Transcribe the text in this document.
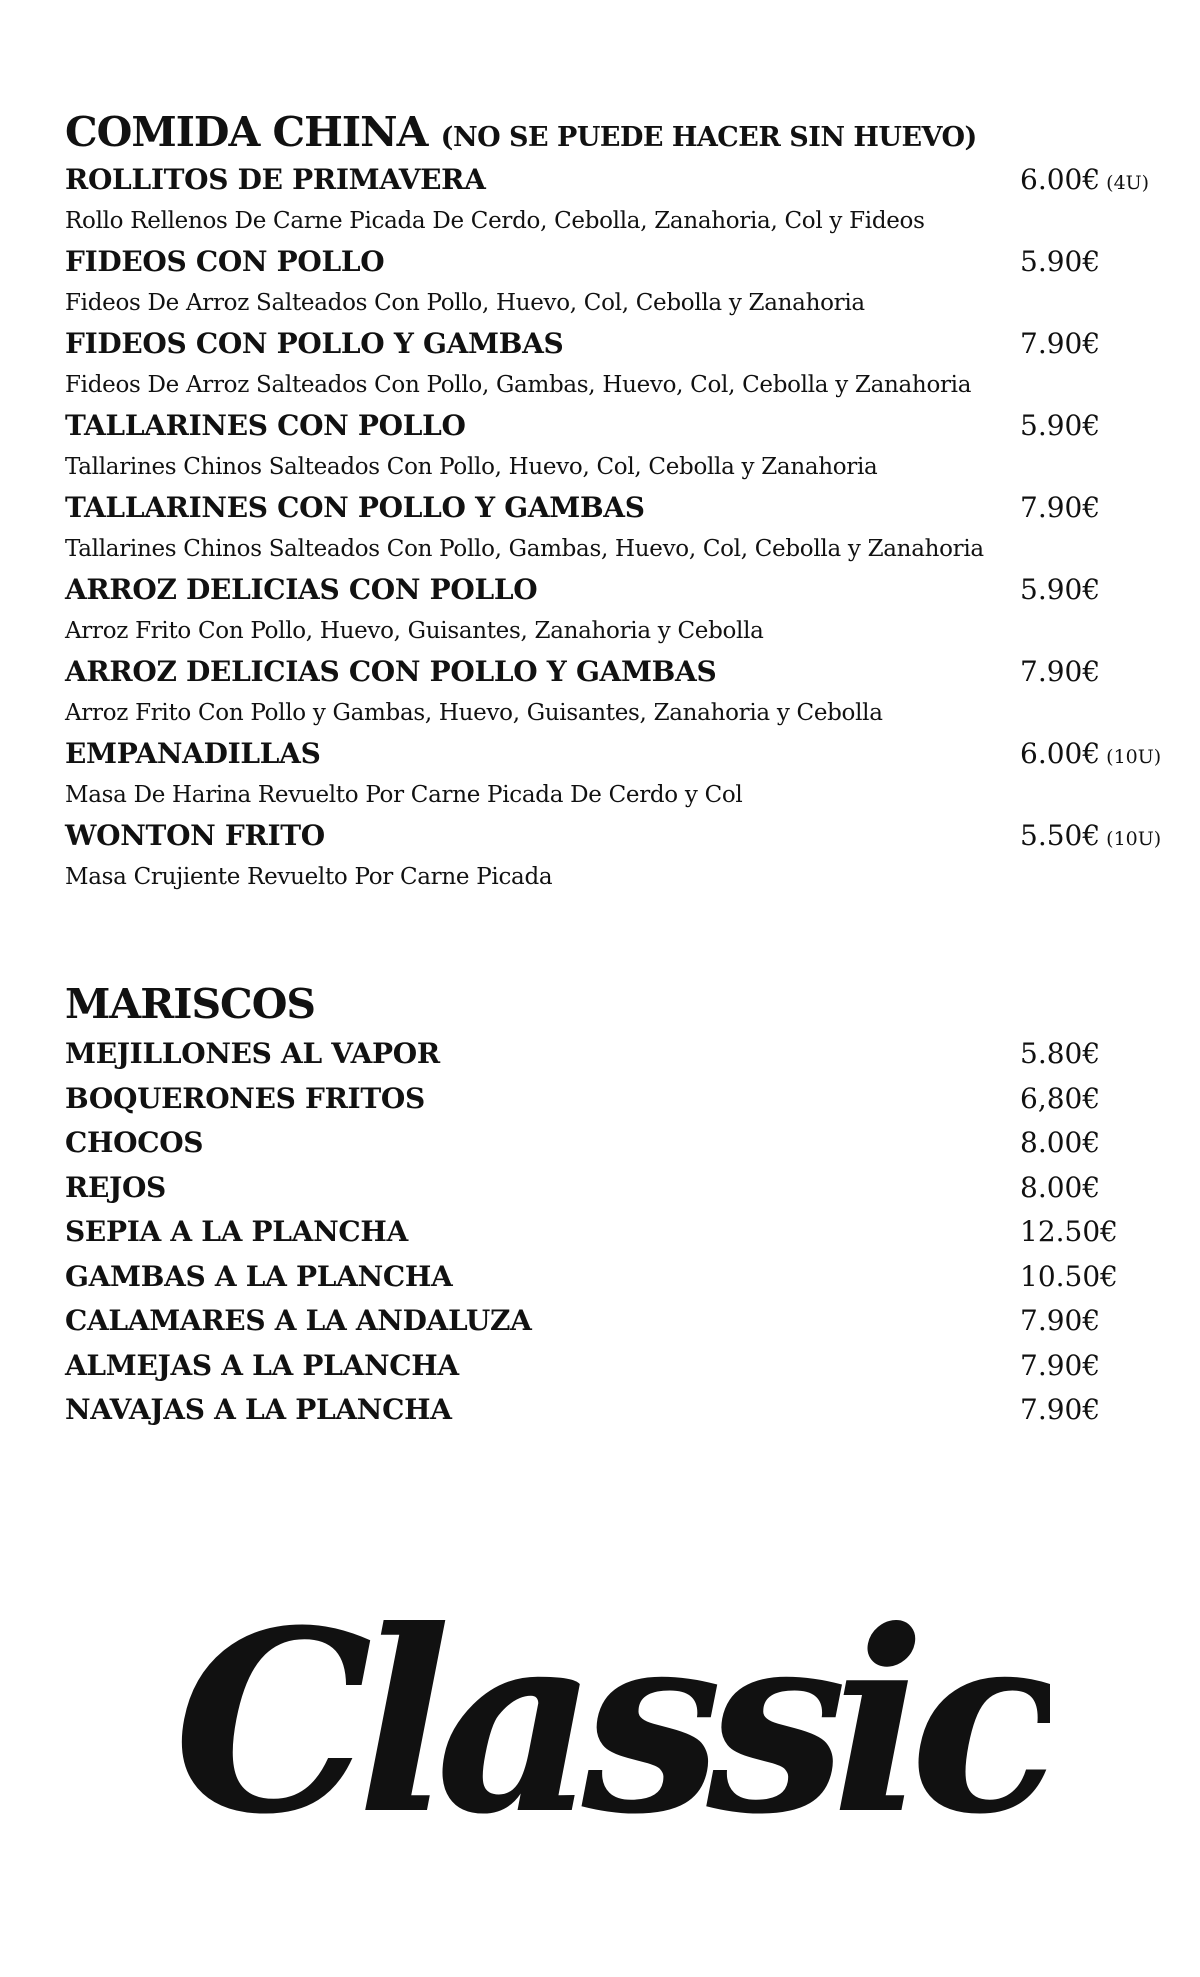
COMIDA CHINA (NO SE PUEDE HACER SIN HUEVO)
ROLLITOS DE PRIMAVERA	6.00€ (4U)
Rollo Rellenos De Carne Picada De Cerdo, Cebolla, Zanahoria, Col y Fideos
FIDEOS CON POLLO	5.90€
Fideos De Arroz Salteados Con Pollo, Huevo, Col, Cebolla y Zanahoria
FIDEOS CON POLLO Y GAMBAS	7.90€
Fideos De Arroz Salteados Con Pollo, Gambas, Huevo, Col, Cebolla y Zanahoria
TALLARINES CON POLLO	5.90€
Tallarines Chinos Salteados Con Pollo, Huevo, Col, Cebolla y Zanahoria
TALLARINES CON POLLO Y GAMBAS	7.90€
Tallarines Chinos Salteados Con Pollo, Gambas, Huevo, Col, Cebolla y Zanahoria
ARROZ DELICIAS CON POLLO	5.90€
Arroz Frito Con Pollo, Huevo, Guisantes, Zanahoria y Cebolla
ARROZ DELICIAS CON POLLO Y GAMBAS	7.90€
Arroz Frito Con Pollo y Gambas, Huevo, Guisantes, Zanahoria y Cebolla
EMPANADILLAS	6.00€ (10U)
Masa De Harina Revuelto Por Carne Picada De Cerdo y Col
WONTON FRITO	5.50€ (10U)
Masa Crujiente Revuelto Por Carne Picada
MARISCOS
MEJILLONES AL VAPOR	5.80€
BOQUERONES FRITOS	6,80€
CHOCOS	8.00€
REJOS	8.00€
SEPIA A LA PLANCHA	12.50€
GAMBAS A LA PLANCHA	10.50€
CALAMARES A LA ANDALUZA	7.90€
ALMEJAS A LA PLANCHA	7.90€
NAVAJAS A LA PLANCHA	7.90€
Classic
